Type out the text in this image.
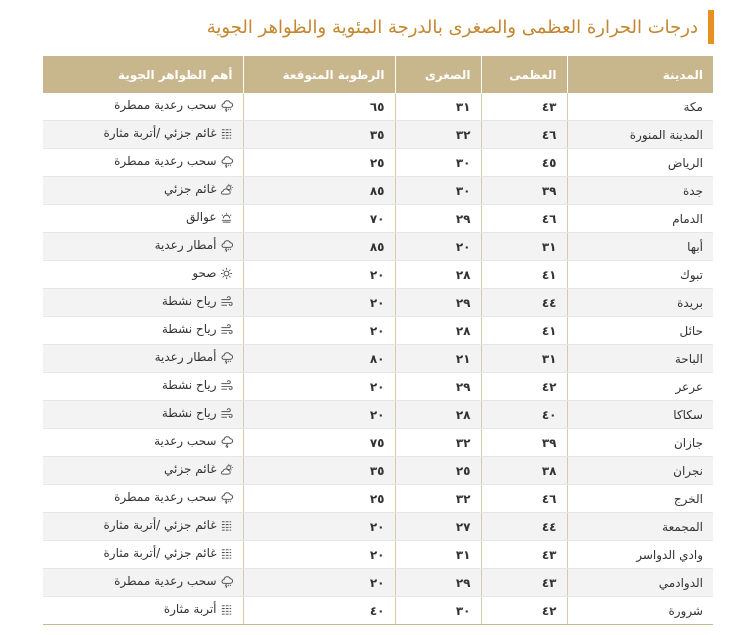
درجات الحرارة العظمى والصغرى بالدرجة المئوية والظواهر الجوية
المدينة	العظمى	الصغرى	الرطوبة المتوقعة	أهم الظواهر الجوية
مكة	٤٣	٣١	٦٥	سحب رعدية ممطرة

المدينة المنورة	٤٦	٣٢	٣٥	غائم جزئي /أتربة مثارة

الرياض	٤٥	٣٠	٢٥	سحب رعدية ممطرة

جدة	٣٩	٣٠	٨٥	غائم جزئي

الدمام	٤٦	٢٩	٧٠	عوالق

أبها	٣١	٢٠	٨٥	أمطار رعدية

تبوك	٤١	٢٨	٢٠	صحو

بريدة	٤٤	٢٩	٢٠	رياح نشطة

حائل	٤١	٢٨	٢٠	رياح نشطة

الباحة	٣١	٢١	٨٠	أمطار رعدية

عرعر	٤٢	٢٩	٢٠	رياح نشطة

سكاكا	٤٠	٢٨	٢٠	رياح نشطة

جازان	٣٩	٣٢	٧٥	سحب رعدية

نجران	٣٨	٢٥	٣٥	غائم جزئي

الخرج	٤٦	٣٢	٢٥	سحب رعدية ممطرة

المجمعة	٤٤	٢٧	٢٠	غائم جزئي /أتربة مثارة

وادي الدواسر	٤٣	٣١	٢٠	غائم جزئي /أتربة مثارة

الدوادمي	٤٣	٢٩	٢٠	سحب رعدية ممطرة

شرورة	٤٢	٣٠	٤٠	أتربة مثارة
